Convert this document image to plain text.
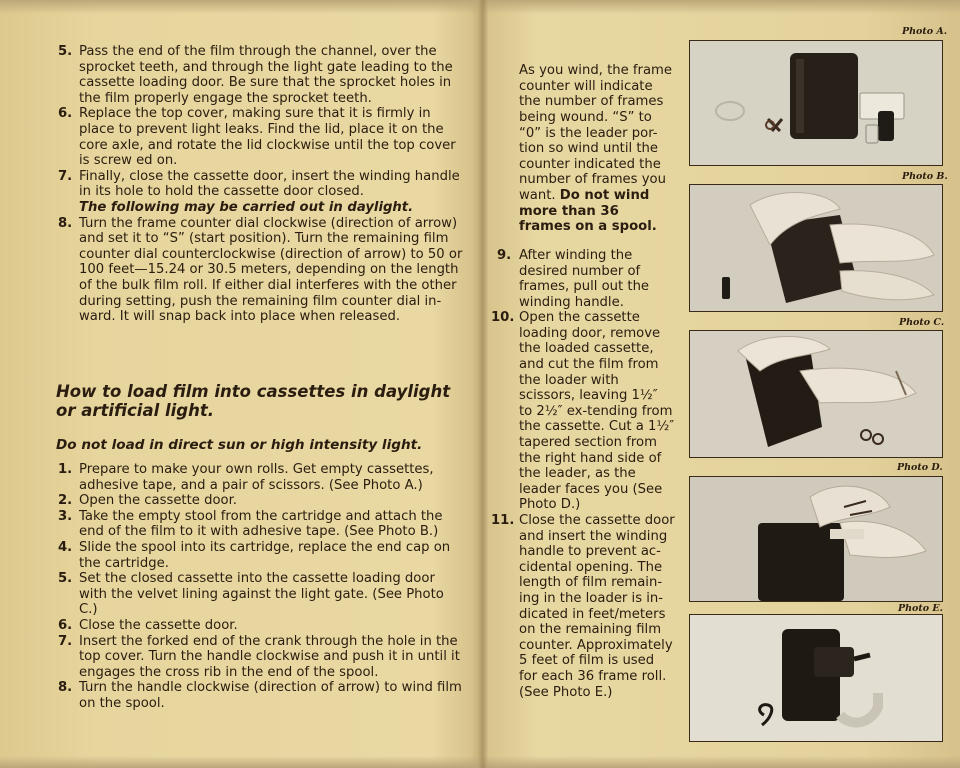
5. Pass the end of the film through the channel, over the sprocket teeth, and through the light gate leading to the cassette loading door. Be sure that the sprocket holes in the film properly engage the sprocket teeth.

6. Replace the top cover, making sure that it is firmly in place to prevent light leaks. Find the lid, place it on the core axle, and rotate the lid clockwise until the top cover is screw ed on.

7. Finally, close the cassette door, insert the winding handle in its hole to hold the cassette door closed.
The following may be carried out in daylight.

8. Turn the frame counter dial clockwise (direction of arrow) and set it to “S” (start position). Turn the remaining film counter dial counterclockwise (direction of arrow) to 50 or 100 feet—15.24 or 30.5 meters, depending on the length of the bulk film roll. If either dial interferes with the other during setting, push the remaining film counter dial in-ward. It will snap back into place when released.

How to load film into cassettes in daylight or artificial light.
Do not load in direct sun or high intensity light.

1. Prepare to make your own rolls. Get empty cassettes, adhesive tape, and a pair of scissors. (See Photo A.)

2. Open the cassette door.

3. Take the empty stool from the cartridge and attach the end of the film to it with adhesive tape. (See Photo B.)

4. Slide the spool into its cartridge, replace the end cap on the cartridge.

5. Set the closed cassette into the cassette loading door with the velvet lining against the light gate. (See Photo C.)

6. Close the cassette door.

7. Insert the forked end of the crank through the hole in the top cover. Turn the handle clockwise and push it in until it engages the cross rib in the end of the spool.

8. Turn the handle clockwise (direction of arrow) to wind film on the spool.

As you wind, the frame counter will indicate the number of frames being wound. “S” to “0” is the leader por-tion so wind until the counter indicated the number of frames you want. Do not wind more than 36 frames on a spool.

9. After winding the desired number of frames, pull out the winding handle.

10. Open the cassette loading door, remove the loaded cassette, and cut the film from the loader with scissors, leaving 1½″ to 2½″ ex-tending from the cassette. Cut a 1½″ tapered section from the right hand side of the leader, as the leader faces you (See Photo D.)

11. Close the cassette door and insert the winding handle to prevent ac-cidental opening. The length of film remain-ing in the loader is in-dicated in feet/meters on the remaining film counter. Approximately 5 feet of film is used for each 36 frame roll. (See Photo E.)

Photo A.
Photo B.
Photo C.
Photo D.
Photo E.
